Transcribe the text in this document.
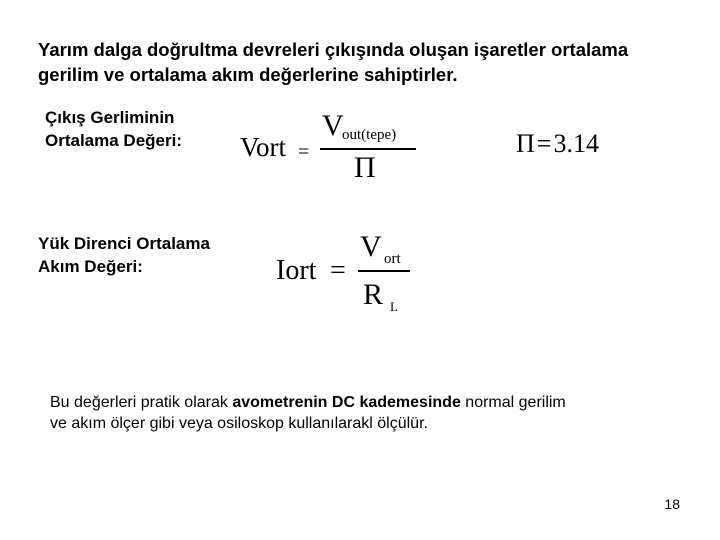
Yarım dalga doğrultma devreleri çıkışında oluşan işaretler ortalama
gerilim ve ortalama akım değerlerine sahiptirler.
Çıkış Gerliminin
Ortalama Değeri: Vort =
V
out(tepe)
Π
Π=3.14
Yük Direnci Ortalama
Akım Değeri:	Iort =
V ort
R L
Bu değerleri pratik olarak avometrenin DC kademesinde normal gerilim
ve akım ölçer gibi veya osiloskop kullanılarakl ölçülür.
18
